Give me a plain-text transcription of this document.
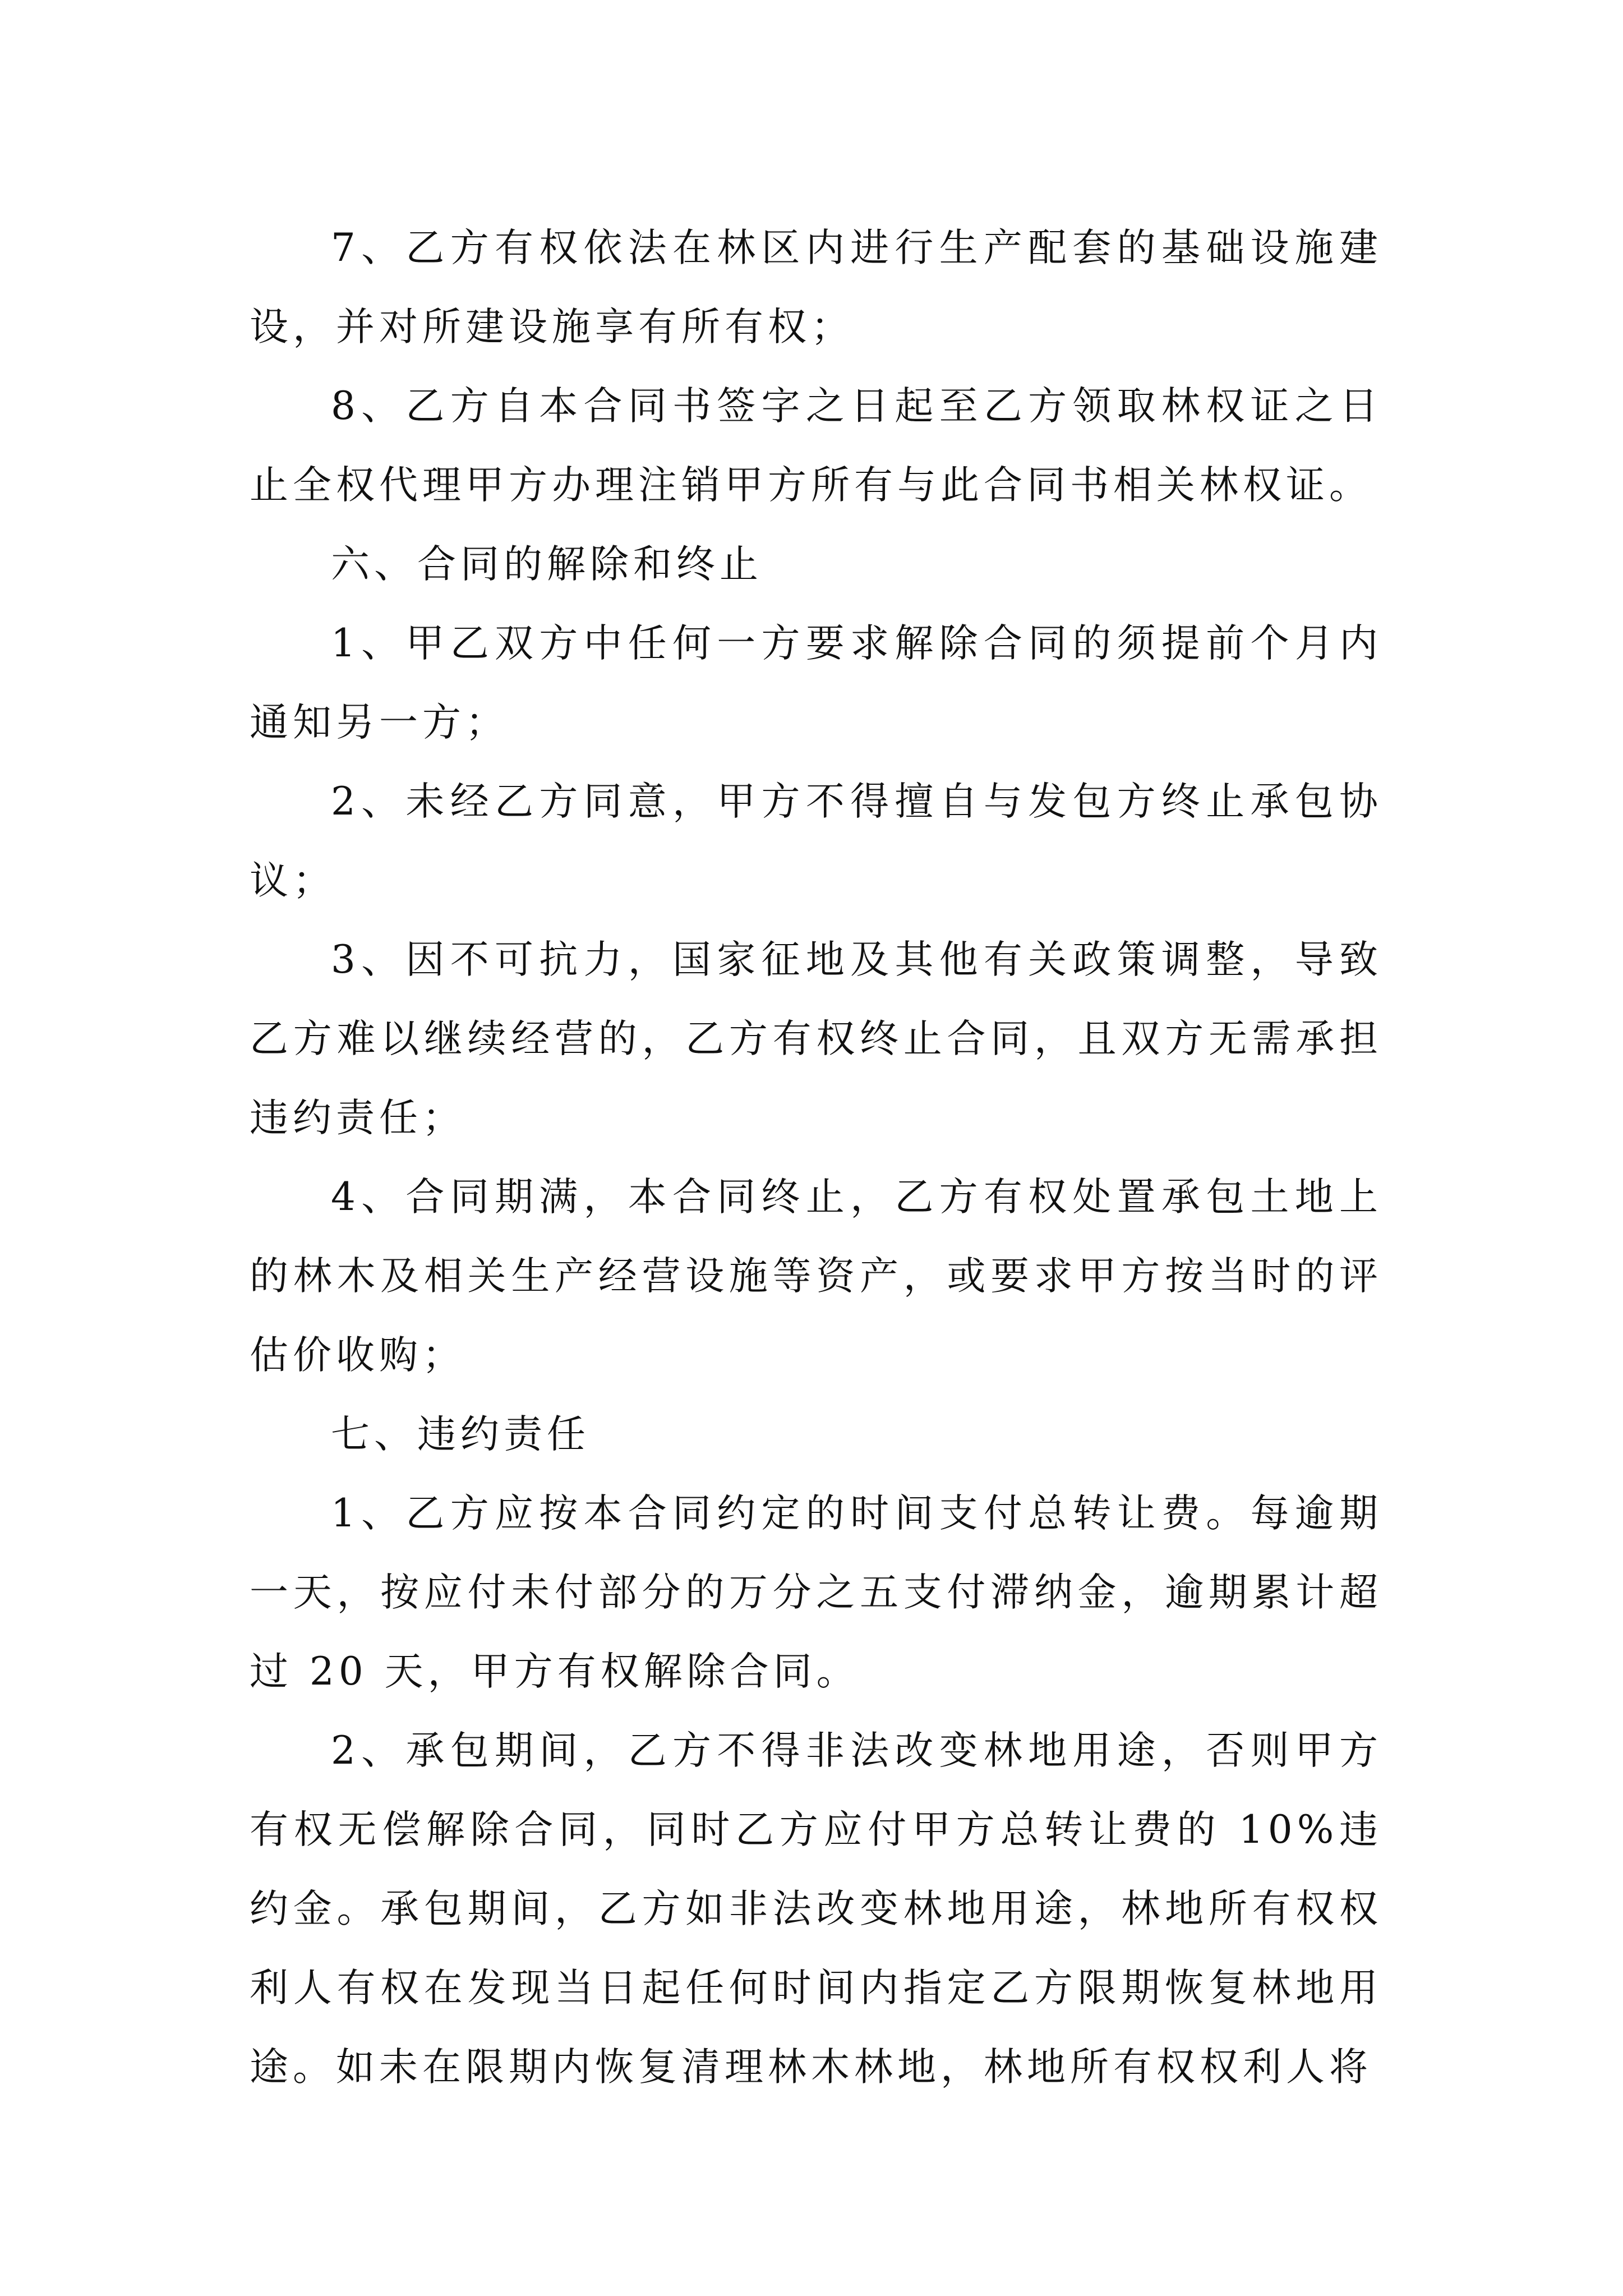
7、乙方有权依法在林区内进行生产配套的基础设施建设，并对所建设施享有所有权；

8、乙方自本合同书签字之日起至乙方领取林权证之日止全权代理甲方办理注销甲方所有与此合同书相关林权证。

六、合同的解除和终止

1、甲乙双方中任何一方要求解除合同的须提前个月内通知另一方；

2、未经乙方同意，甲方不得擅自与发包方终止承包协议；

3、因不可抗力，国家征地及其他有关政策调整，导致乙方难以继续经营的，乙方有权终止合同，且双方无需承担违约责任；

4、合同期满，本合同终止，乙方有权处置承包土地上的林木及相关生产经营设施等资产，或要求甲方按当时的评估价收购；

七、违约责任

1、乙方应按本合同约定的时间支付总转让费。每逾期一天，按应付未付部分的万分之五支付滞纳金，逾期累计超过 20 天，甲方有权解除合同。

2、承包期间，乙方不得非法改变林地用途，否则甲方有权无偿解除合同，同时乙方应付甲方总转让费的 10%违约金。承包期间，乙方如非法改变林地用途，林地所有权权利人有权在发现当日起任何时间内指定乙方限期恢复林地用途。如未在限期内恢复清理林木林地，林地所有权权利人将
